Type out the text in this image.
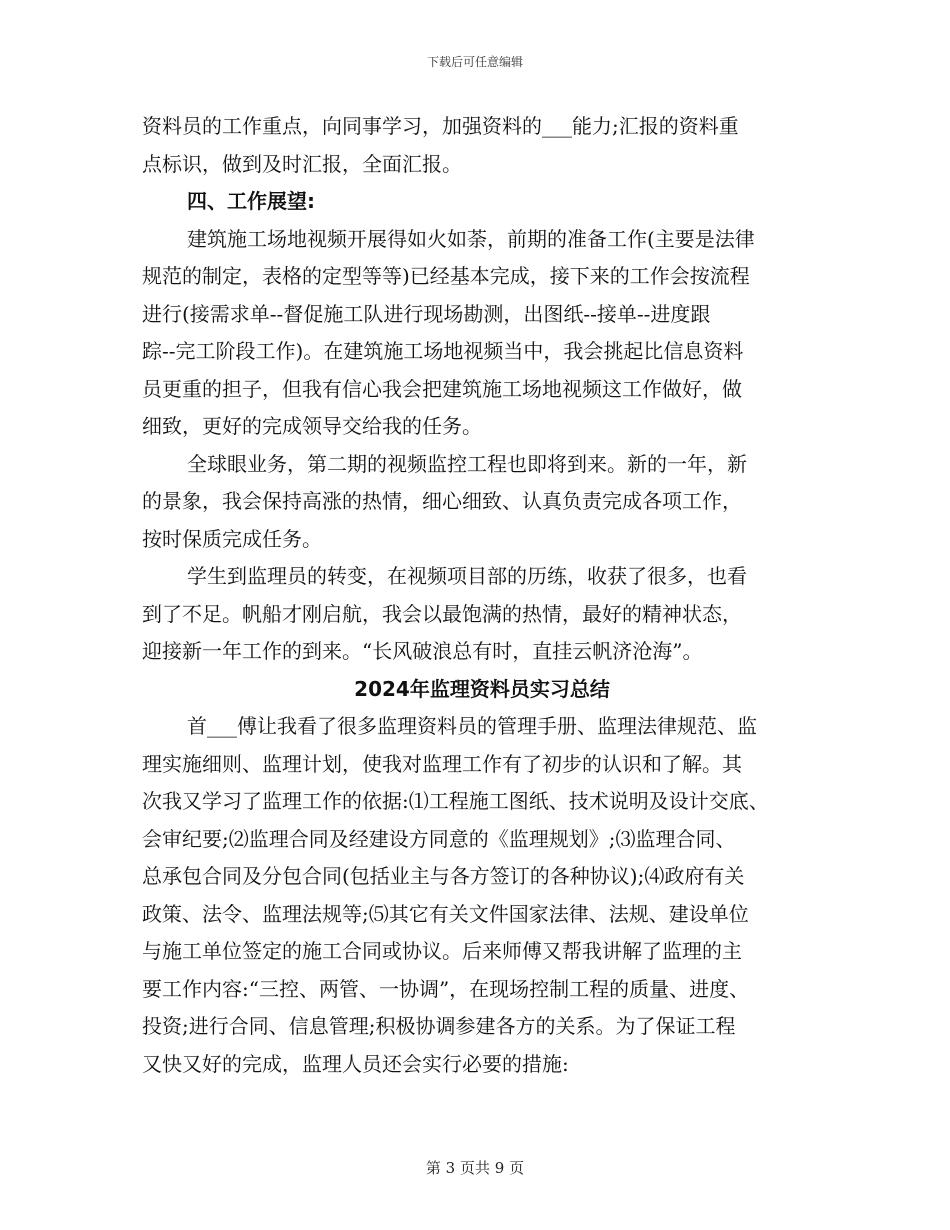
下载后可任意编辑
资料员的工作重点，向同事学习，加强资料的___能力;汇报的资料重
点标识，做到及时汇报，全面汇报。
四、工作展望:
建筑施工场地视频开展得如火如荼，前期的准备工作(主要是法律
规范的制定，表格的定型等等)已经基本完成，接下来的工作会按流程
进行(接需求单--督促施工队进行现场勘测，出图纸--接单--进度跟
踪--完工阶段工作)。在建筑施工场地视频当中，我会挑起比信息资料
员更重的担子，但我有信心我会把建筑施工场地视频这工作做好，做
细致，更好的完成领导交给我的任务。
全球眼业务，第二期的视频监控工程也即将到来。新的一年，新
的景象，我会保持高涨的热情，细心细致、认真负责完成各项工作，
按时保质完成任务。
学生到监理员的转变，在视频项目部的历练，收获了很多，也看
到了不足。帆船才刚启航，我会以最饱满的热情，最好的精神状态，
迎接新一年工作的到来。“长风破浪总有时，直挂云帆济沧海”。
2024年监理资料员实习总结
首___傅让我看了很多监理资料员的管理手册、监理法律规范、监
理实施细则、监理计划，使我对监理工作有了初步的认识和了解。其
次我又学习了监理工作的依据:⑴工程施工图纸、技术说明及设计交底、
会审纪要;⑵监理合同及经建设方同意的《监理规划》;⑶监理合同、
总承包合同及分包合同(包括业主与各方签订的各种协议);⑷政府有关
政策、法令、监理法规等;⑸其它有关文件国家法律、法规、建设单位
与施工单位签定的施工合同或协议。后来师傅又帮我讲解了监理的主
要工作内容:“三控、两管、一协调”，在现场控制工程的质量、进度、
投资;进行合同、信息管理;积极协调参建各方的关系。为了保证工程
又快又好的完成，监理人员还会实行必要的措施:
第 3 页共 9 页
